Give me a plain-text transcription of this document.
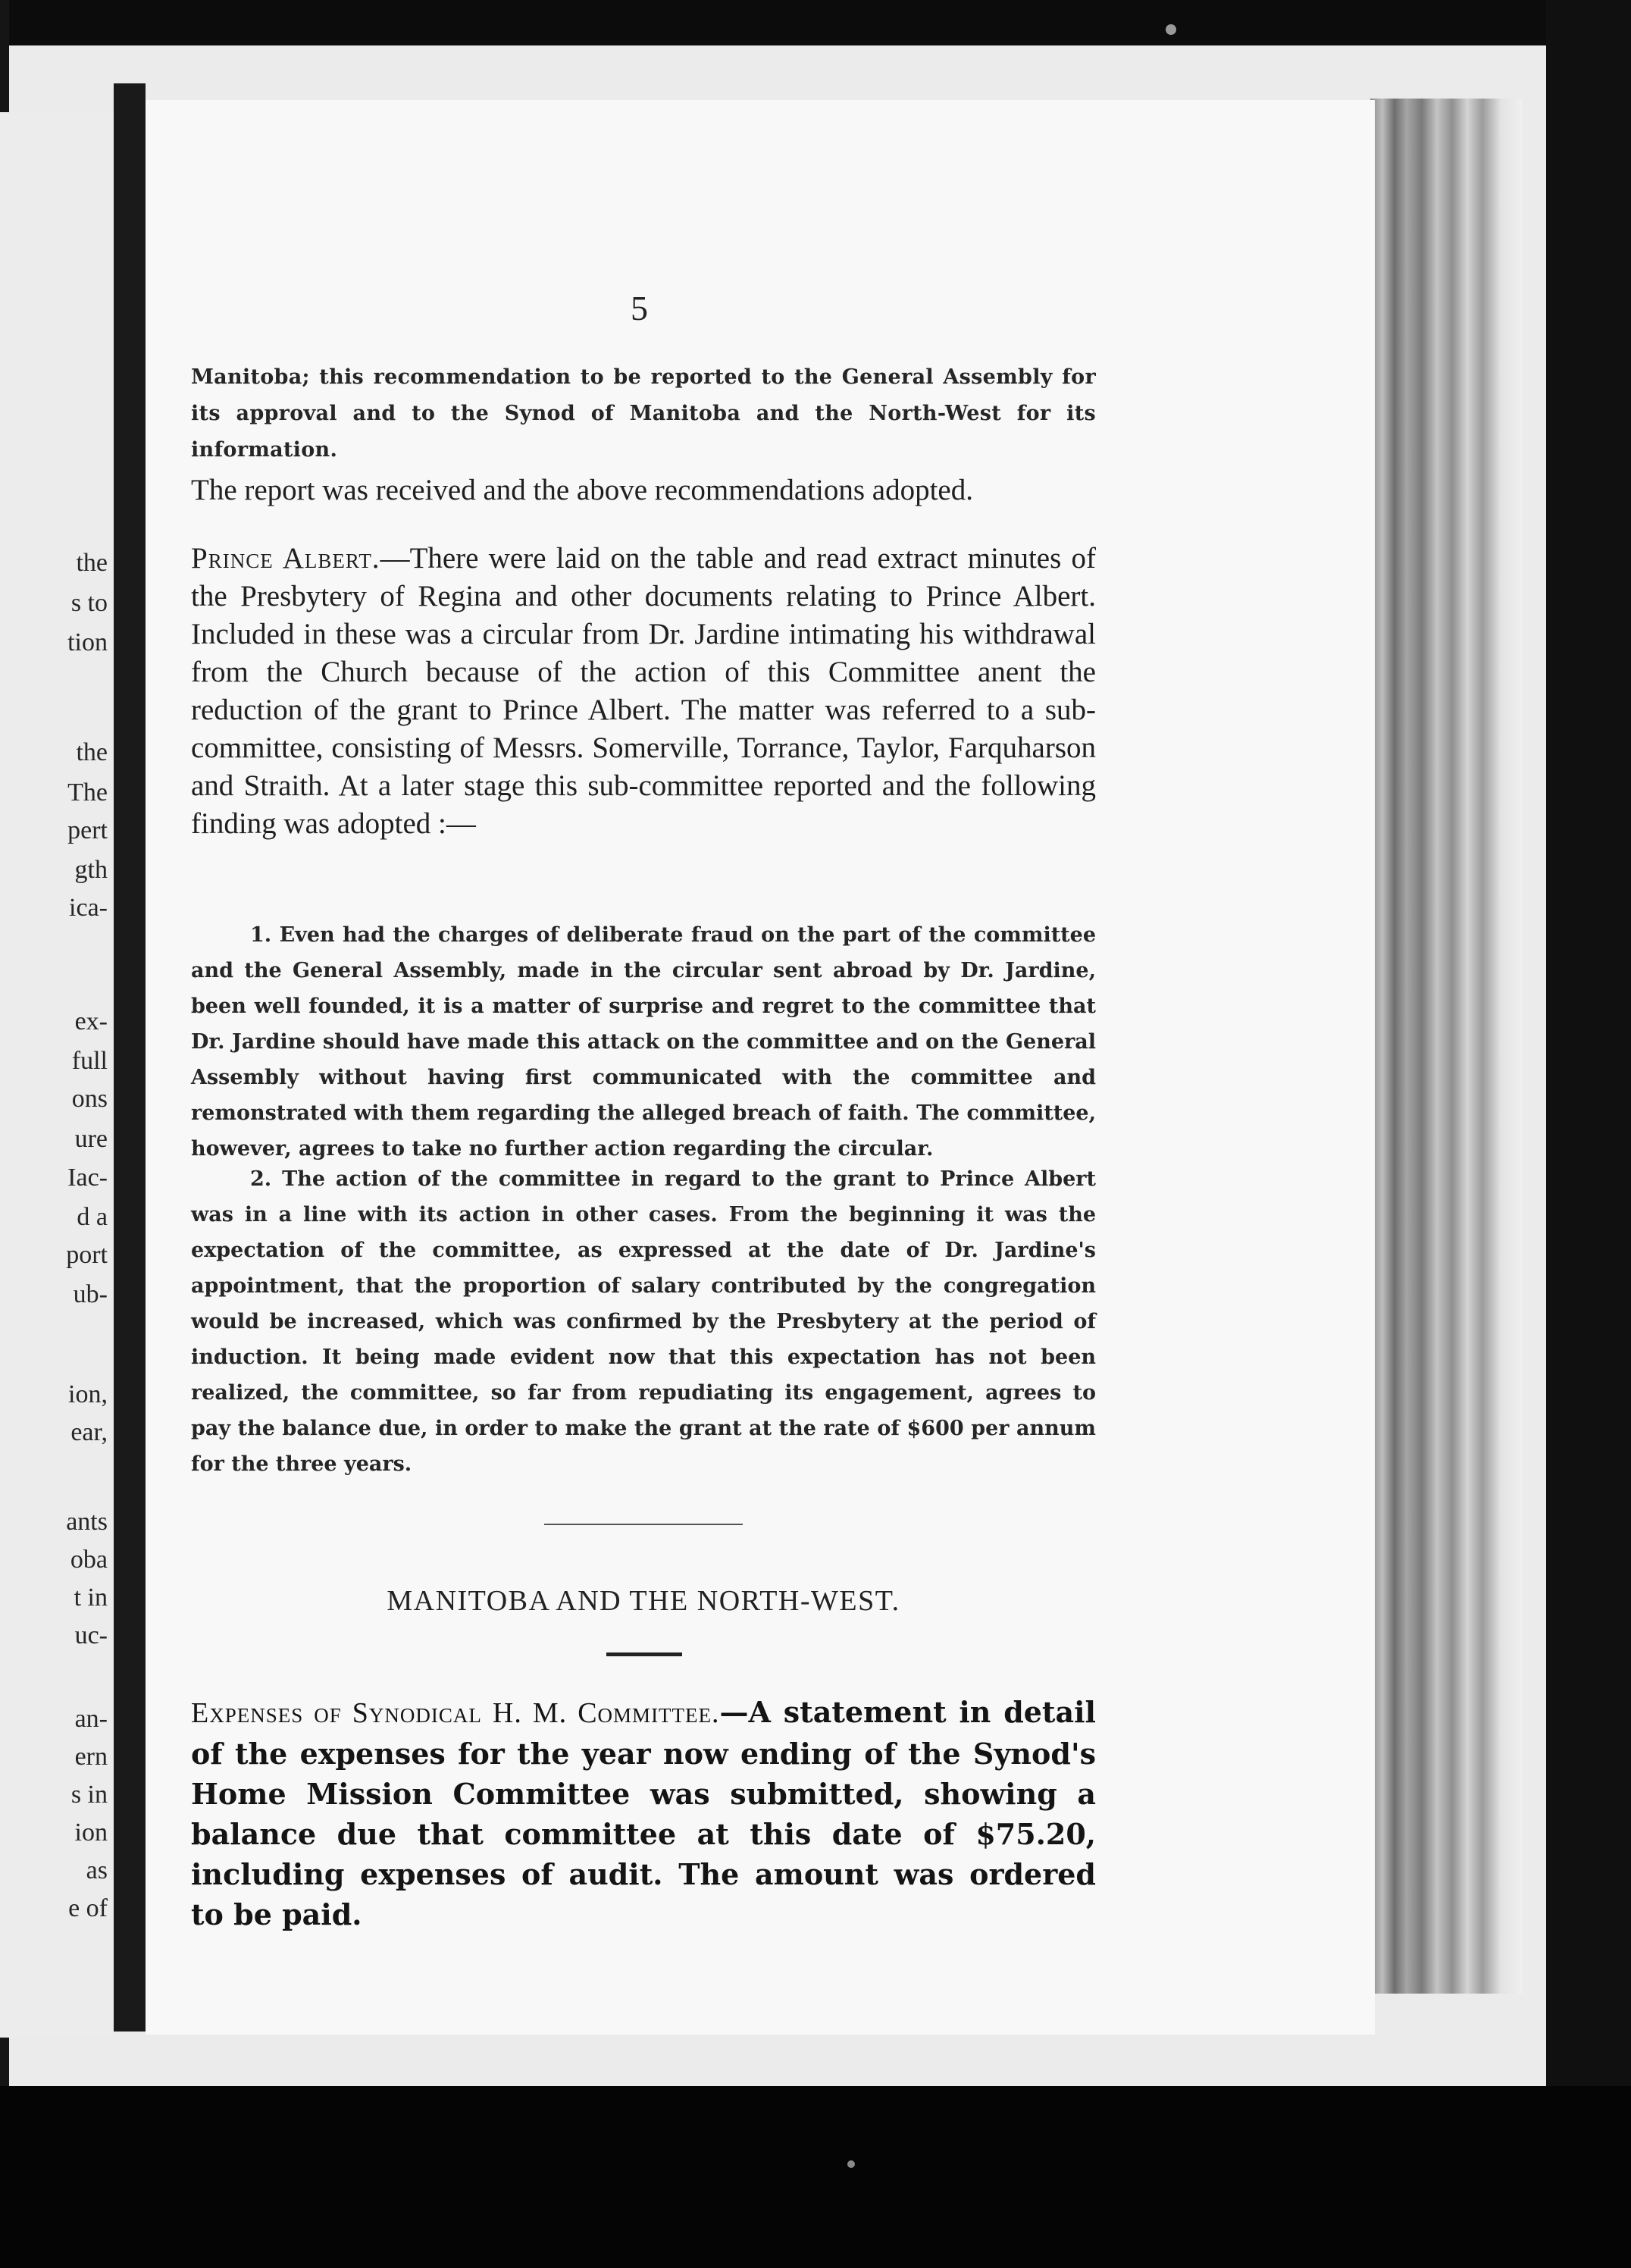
the
s to
tion
the
The
pert
gth
ica-
ex-
full
ons
ure
Iac-
d a
port
ub-
ion,
ear,
ants
oba
t in
uc-
an-
ern
s in
ion
as
e of
5

Manitoba; this recommendation to be reported to the General Assembly for its approval and to the Synod of Manitoba and the North-West for its information.

The report was received and the above recommendations adopted.

Prince Albert.—There were laid on the table and read extract minutes of the Presbytery of Regina and other documents relating to Prince Albert. Included in these was a circular from Dr. Jardine intimating his withdrawal from the Church because of the action of this Committee anent the reduction of the grant to Prince Albert. The matter was referred to a sub-committee, consisting of Messrs. Somerville, Torrance, Taylor, Farquharson and Straith. At a later stage this sub-committee reported and the following finding was adopted :—

1. Even had the charges of deliberate fraud on the part of the committee and the General Assembly, made in the circular sent abroad by Dr. Jardine, been well founded, it is a matter of surprise and regret to the committee that Dr. Jardine should have made this attack on the committee and on the General Assembly without having first communicated with the committee and remonstrated with them regarding the alleged breach of faith. The committee, however, agrees to take no further action regarding the circular.

2. The action of the committee in regard to the grant to Prince Albert was in a line with its action in other cases. From the beginning it was the expectation of the committee, as expressed at the date of Dr. Jardine's appointment, that the proportion of salary contributed by the congregation would be increased, which was confirmed by the Presbytery at the period of induction. It being made evident now that this expectation has not been realized, the committee, so far from repudiating its engagement, agrees to pay the balance due, in order to make the grant at the rate of $600 per annum for the three years.

MANITOBA AND THE NORTH-WEST.

Expenses of Synodical H. M. Committee.—A statement in detail of the expenses for the year now ending of the Synod's Home Mission Committee was submitted, showing a balance due that committee at this date of $75.20, including expenses of audit. The amount was ordered to be paid.
